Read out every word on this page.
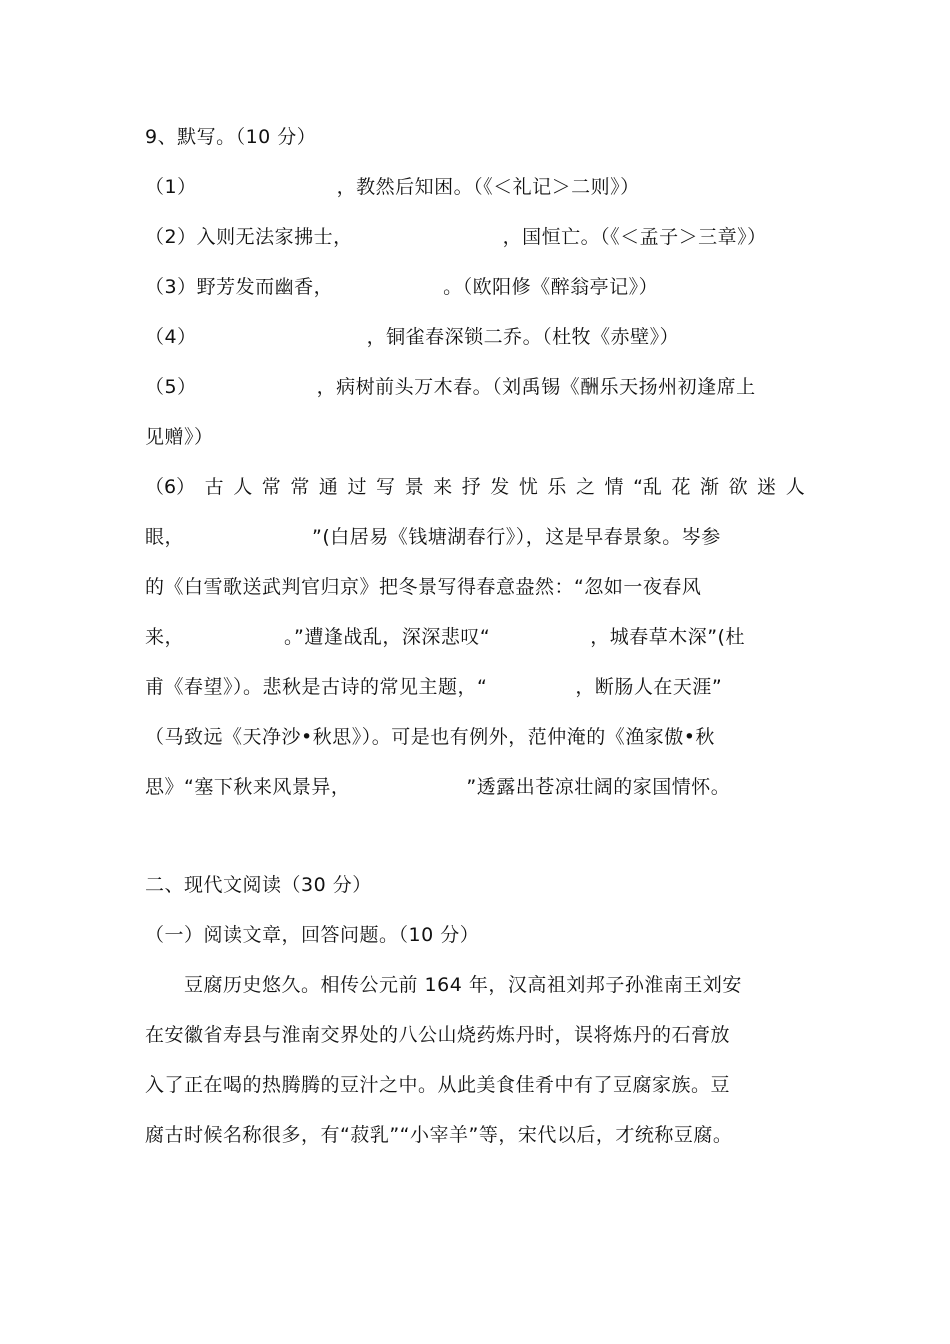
9、默写。（10 分）
（1）	，教然后知困。（《＜礼记＞二则》）
（2）入则无法家拂士，	，国恒亡。（《＜孟子＞三章》）
（3）野芳发而幽香，	。（欧阳修《醉翁亭记》）
（4）	，铜雀春深锁二乔。（杜牧《赤壁》）
（5）	，病树前头万木春。（刘禹锡《酬乐天扬州初逢席上
见赠》）
（6） 古 人 常 常 通 过 写 景 来 抒 发 忧 乐 之 情 “乱 花 渐 欲 迷 人
眼，	”(白居易《钱塘湖春行》），这是早春景象。岑参
的《白雪歌送武判官归京》把冬景写得春意盎然：“忽如一夜春风
来，	。”遭逢战乱，深深悲叹“	，城春草木深”(杜
甫《春望》）。悲秋是古诗的常见主题，“	，断肠人在天涯”
（马致远《天净沙•秋思》）。可是也有例外，范仲淹的《渔家傲•秋
思》“塞下秋来风景异，	”透露出苍凉壮阔的家国情怀。
二、现代文阅读（30 分）
（一）阅读文章，回答问题。（10 分）
　　豆腐历史悠久。相传公元前 164 年，汉高祖刘邦子孙淮南王刘安
在安徽省寿县与淮南交界处的八公山烧药炼丹时，误将炼丹的石膏放
入了正在喝的热腾腾的豆汁之中。从此美食佳肴中有了豆腐家族。豆
腐古时候名称很多，有“菽乳”“小宰羊”等，宋代以后，才统称豆腐。
